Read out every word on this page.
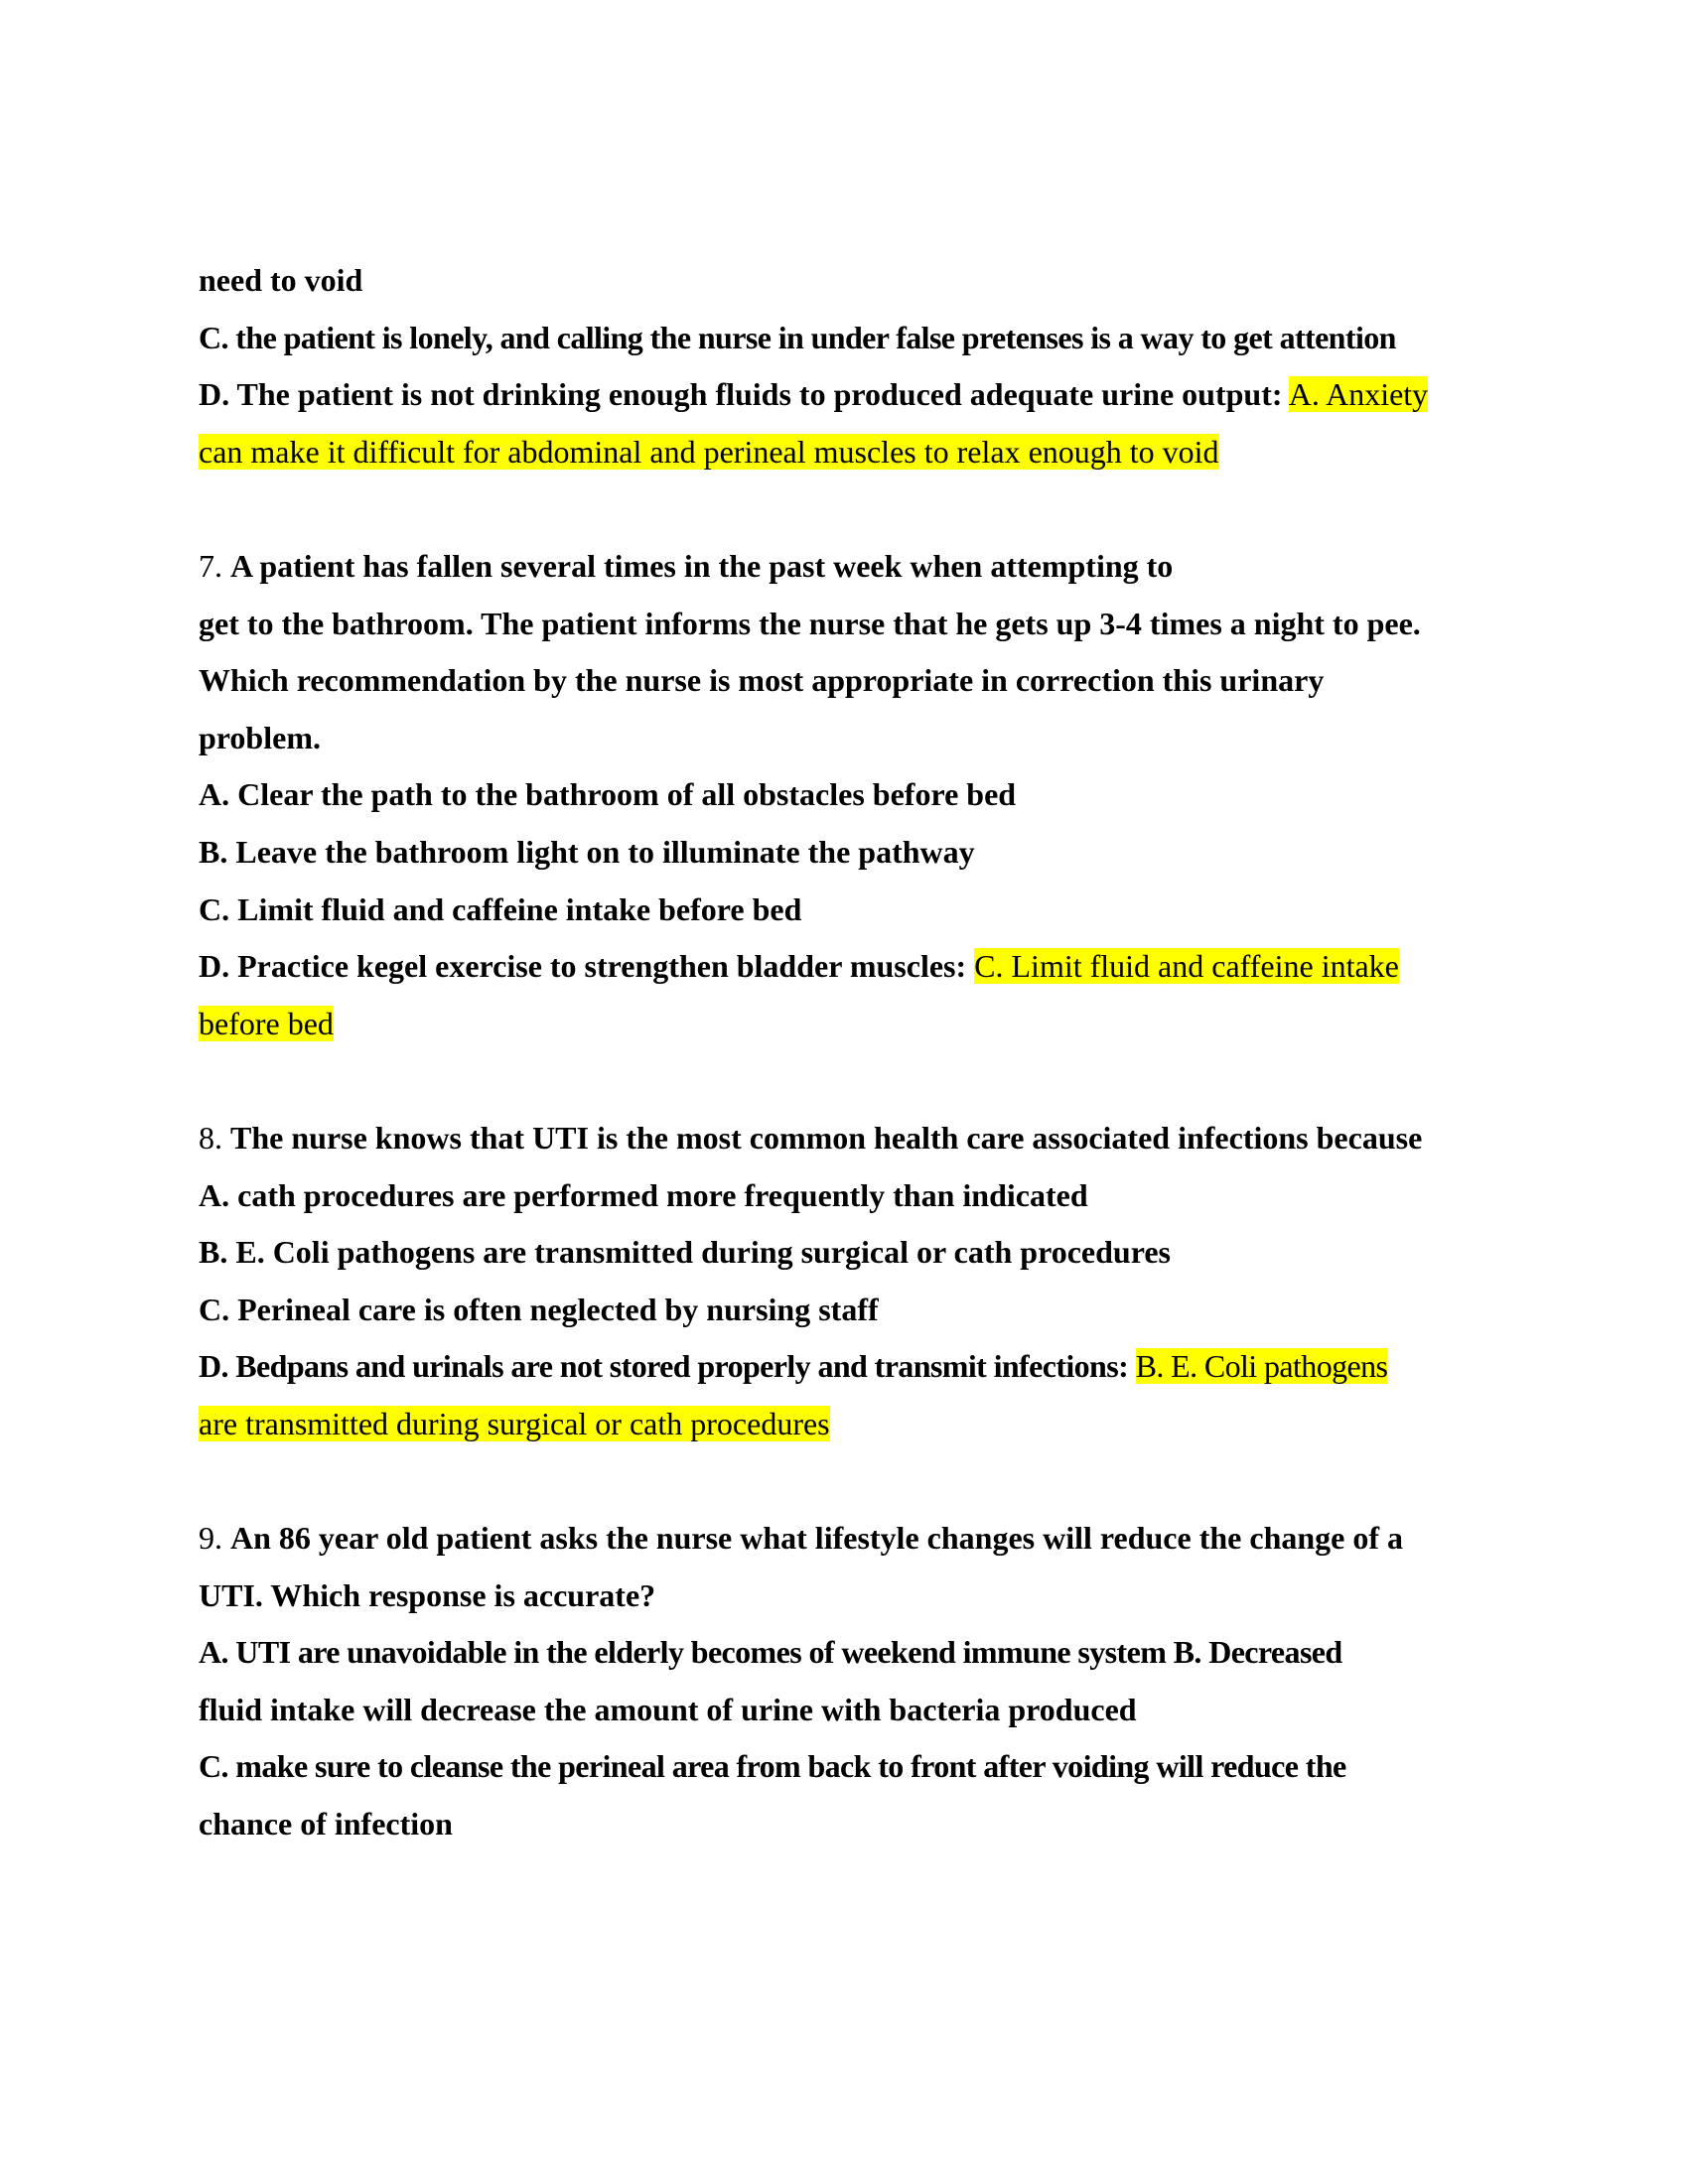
need to void
C. the patient is lonely, and calling the nurse in under false pretenses is a way to get attention
D. The patient is not drinking enough fluids to produced adequate urine output: A. Anxiety
can make it difficult for abdominal and perineal muscles to relax enough to void
7. A patient has fallen several times in the past week when attempting to
get to the bathroom. The patient informs the nurse that he gets up 3-4 times a night to pee.
Which recommendation by the nurse is most appropriate in correction this urinary
problem.
A. Clear the path to the bathroom of all obstacles before bed
B. Leave the bathroom light on to illuminate the pathway
C. Limit fluid and caffeine intake before bed
D. Practice kegel exercise to strengthen bladder muscles: C. Limit fluid and caffeine intake
before bed
8. The nurse knows that UTI is the most common health care associated infections because
A. cath procedures are performed more frequently than indicated
B. E. Coli pathogens are transmitted during surgical or cath procedures
C. Perineal care is often neglected by nursing staff
D. Bedpans and urinals are not stored properly and transmit infections: B. E. Coli pathogens
are transmitted during surgical or cath procedures
9. An 86 year old patient asks the nurse what lifestyle changes will reduce the change of a
UTI. Which response is accurate?
A. UTI are unavoidable in the elderly becomes of weekend immune system B. Decreased
fluid intake will decrease the amount of urine with bacteria produced
C. make sure to cleanse the perineal area from back to front after voiding will reduce the
chance of infection
